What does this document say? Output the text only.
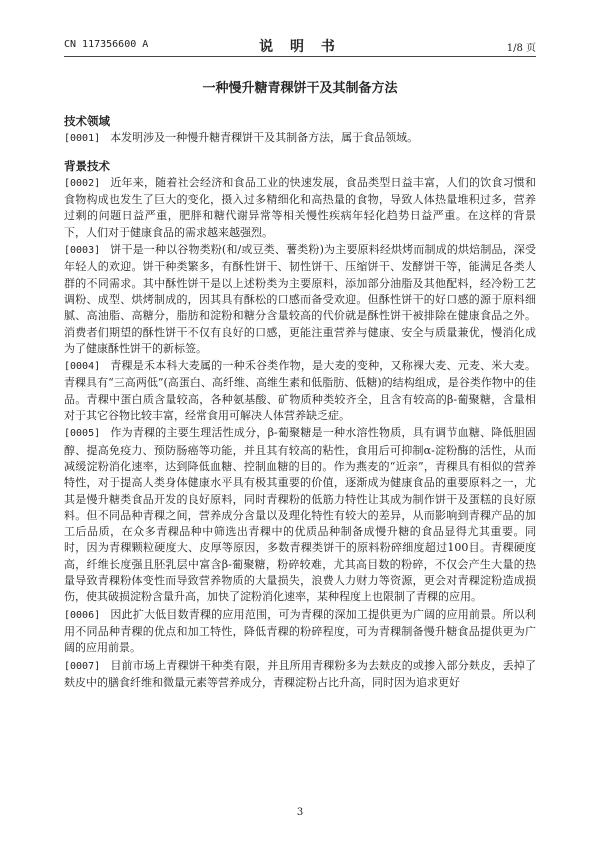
CN 117356600 A	说 明 书	1/8 页
一种慢升糖青稞饼干及其制备方法
技术领域

[0001] 本发明涉及一种慢升糖青稞饼干及其制备方法，属于食品领域。

背景技术

[0002] 近年来，随着社会经济和食品工业的快速发展，食品类型日益丰富，人们的饮食习惯和食物构成也发生了巨大的变化，摄入过多精细化和高热量的食物，导致人体热量堆积过多，营养过剩的问题日益严重，肥胖和糖代谢异常等相关慢性疾病年轻化趋势日益严重。在这样的背景下，人们对于健康食品的需求越来越强烈。

[0003] 饼干是一种以谷物类粉(和/或豆类、薯类粉)为主要原料经烘烤而制成的烘焙制品，深受年轻人的欢迎。饼干种类繁多，有酥性饼干、韧性饼干、压缩饼干、发酵饼干等，能满足各类人群的不同需求。其中酥性饼干是以上述粉类为主要原料，添加部分油脂及其他配料，经冷粉工艺调粉、成型、烘烤制成的，因其具有酥松的口感而备受欢迎。但酥性饼干的好口感的源于原料细腻、高油脂、高糖分，脂肪和淀粉和糖分含量较高的代价就是酥性饼干被排除在健康食品之外。消费者们期望的酥性饼干不仅有良好的口感，更能注重营养与健康、安全与质量兼优，慢消化成为了健康酥性饼干的新标签。

[0004] 青稞是禾本科大麦属的一种禾谷类作物，是大麦的变种，又称裸大麦、元麦、米大麦。青稞具有“三高两低”(高蛋白、高纤维、高维生素和低脂肪、低糖)的结构组成，是谷类作物中的佳品。青稞中蛋白质含量较高，各种氨基酸、矿物质种类较齐全，且含有较高的β-葡聚糖，含量相对于其它谷物比较丰富，经常食用可解决人体营养缺乏症。

[0005] 作为青稞的主要生理活性成分，β-葡聚糖是一种水溶性物质，具有调节血糖、降低胆固醇、提高免疫力、预防肠癌等功能，并且其有较高的粘性，食用后可抑制α-淀粉酶的活性，从而减缓淀粉消化速率，达到降低血糖、控制血糖的目的。作为燕麦的“近亲”，青稞具有相似的营养特性，对于提高人类身体健康水平具有极其重要的价值，逐渐成为健康食品的重要原料之一，尤其是慢升糖类食品开发的良好原料，同时青稞粉的低筋力特性让其成为制作饼干及蛋糕的良好原料。但不同品种青稞之间，营养成分含量以及理化特性有较大的差异，从而影响到青稞产品的加工后品质，在众多青稞品种中筛选出青稞中的优质品种制备成慢升糖的食品显得尤其重要。同时，因为青稞颗粒硬度大、皮厚等原因，多数青稞类饼干的原料粉碎细度超过100目。青稞硬度高，纤维长度强且胚乳层中富含β-葡聚糖，粉碎较难，尤其高目数的粉碎，不仅会产生大量的热量导致青稞粉体变性而导致营养物质的大量损失，浪费人力财力等资源，更会对青稞淀粉造成损伤，使其破损淀粉含量升高，加快了淀粉消化速率，某种程度上也限制了青稞的应用。

[0006] 因此扩大低目数青稞的应用范围，可为青稞的深加工提供更为广阔的应用前景。所以利用不同品种青稞的优点和加工特性，降低青稞的粉碎程度，可为青稞制备慢升糖食品提供更为广阔的应用前景。

[0007] 目前市场上青稞饼干种类有限，并且所用青稞粉多为去麸皮的或掺入部分麸皮，丢掉了麸皮中的膳食纤维和微量元素等营养成分，青稞淀粉占比升高，同时因为追求更好

3
